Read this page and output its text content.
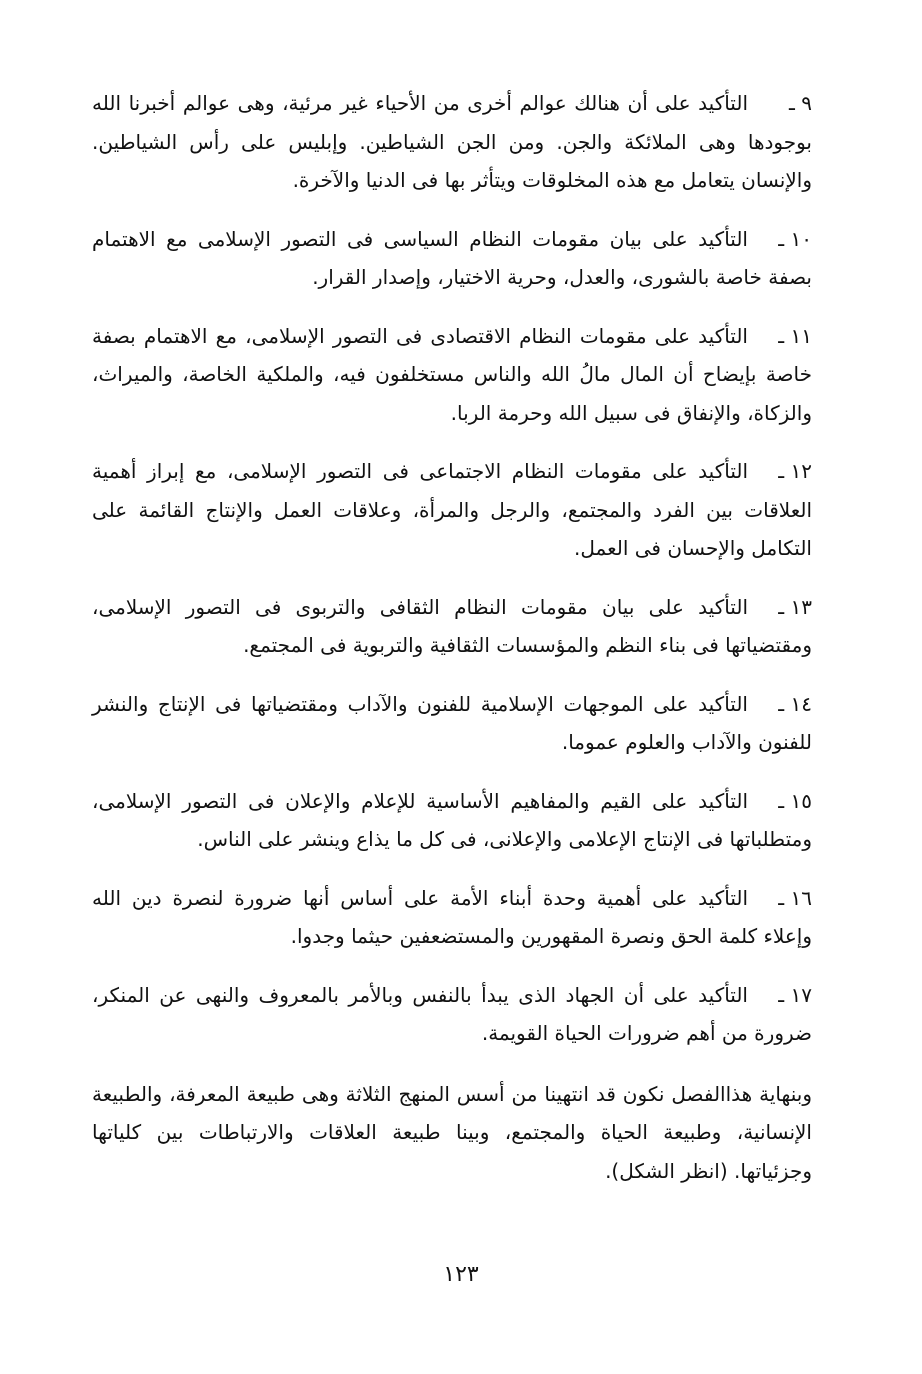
٩ ـ
التأكيد على أن هنالك عوالم أخرى من الأحياء غير مرئية، وهى عوالم أخبرنا الله بوجودها وهى الملائكة والجن. ومن الجن الشياطين. وإبليس على رأس الشياطين. والإنسان يتعامل مع هذه المخلوقات ويتأثر بها فى الدنيا والآخرة.
١٠ ـ
التأكيد على بيان مقومات النظام السياسى فى التصور الإسلامى مع الاهتمام بصفة خاصة بالشورى، والعدل، وحرية الاختيار، وإصدار القرار.
١١ ـ
التأكيد على مقومات النظام الاقتصادى فى التصور الإسلامى، مع الاهتمام بصفة خاصة بإيضاح أن المال مالُ الله والناس مستخلفون فيه، والملكية الخاصة، والميراث، والزكاة، والإنفاق فى سبيل الله وحرمة الربا.
١٢ ـ
التأكيد على مقومات النظام الاجتماعى فى التصور الإسلامى، مع إبراز أهمية العلاقات بين الفرد والمجتمع، والرجل والمرأة، وعلاقات العمل والإنتاج القائمة على التكامل والإحسان فى العمل.
١٣ ـ
التأكيد على بيان مقومات النظام الثقافى والتربوى فى التصور الإسلامى، ومقتضياتها فى بناء النظم والمؤسسات الثقافية والتربوية فى المجتمع.
١٤ ـ
التأكيد على الموجهات الإسلامية للفنون والآداب ومقتضياتها فى الإنتاج والنشر للفنون والآداب والعلوم عموما.
١٥ ـ
التأكيد على القيم والمفاهيم الأساسية للإعلام والإعلان فى التصور الإسلامى، ومتطلباتها فى الإنتاج الإعلامى والإعلانى، فى كل ما يذاع وينشر على الناس.
١٦ ـ
التأكيد على أهمية وحدة أبناء الأمة على أساس أنها ضرورة لنصرة دين الله وإعلاء كلمة الحق ونصرة المقهورين والمستضعفين حيثما وجدوا.
١٧ ـ
التأكيد على أن الجهاد الذى يبدأ بالنفس وبالأمر بالمعروف والنهى عن المنكر، ضرورة من أهم ضرورات الحياة القويمة.

وبنهاية هذاالفصل نكون قد انتهينا من أسس المنهج الثلاثة وهى طبيعة المعرفة، والطبيعة الإنسانية، وطبيعة الحياة والمجتمع، وبينا طبيعة العلاقات والارتباطات بين كلياتها وجزئياتها. (انظر الشكل).

١٢٣
